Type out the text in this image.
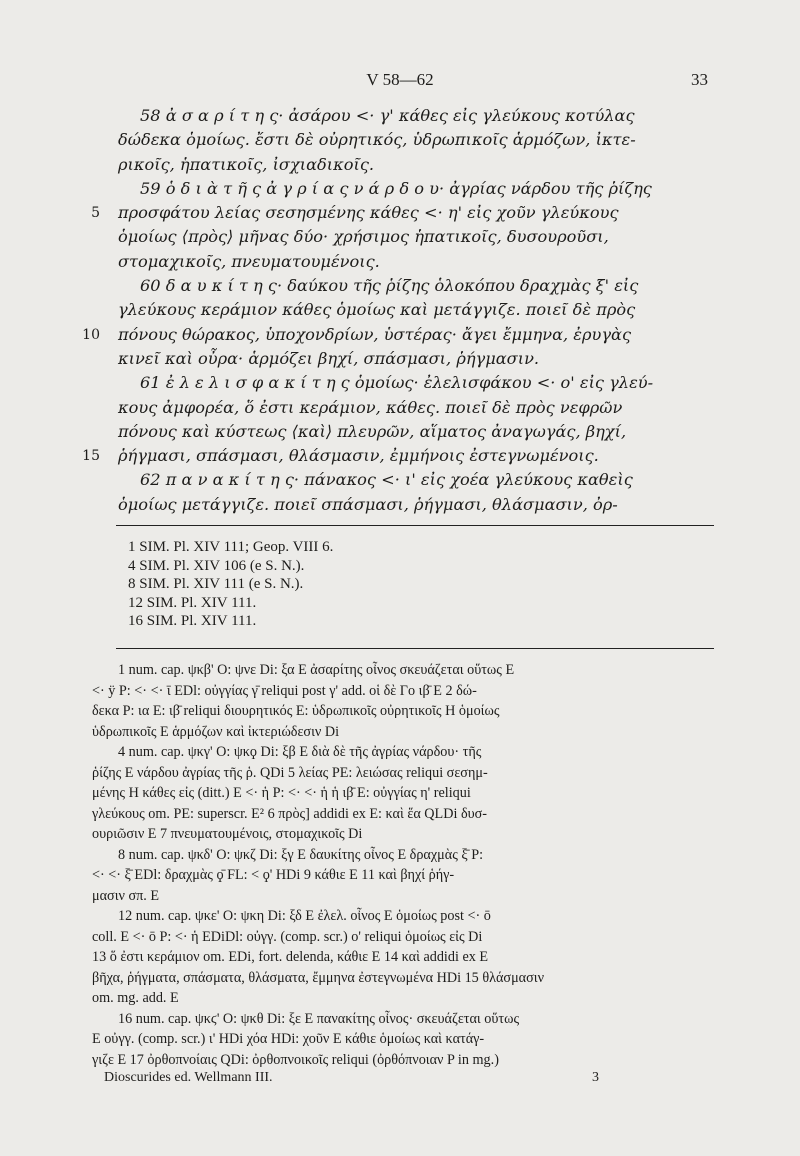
V 58—62	33
58 ἀ σ α ρ ί τ η ς· ἀσάρου <· γ' κάθες εἰς γλεύκους κοτύλας
δώδεκα ὁμοίως. ἔστι δὲ οὐρητικός, ὑδρωπικοῖς ἁρμόζων, ἰκτε-
ρικοῖς, ἡπατικοῖς, ἰσχιαδικοῖς.
59 ὁ δ ι ὰ τ ῆ ς ἀ γ ρ ί α ς ν ά ρ δ ο υ· ἀγρίας νάρδου τῆς ῥίζης
5 προσφάτου λείας σεσησμένης κάθες <· η' εἰς χοῦν γλεύκους
ὁμοίως ⟨πρὸς⟩ μῆνας δύο· χρήσιμος ἡπατικοῖς, δυσουροῦσι,
στομαχικοῖς, πνευματουμένοις.
60 δ α υ κ ί τ η ς· δαύκου τῆς ῥίζης ὁλοκόπου δραχμὰς ξ' εἰς
γλεύκους κεράμιον κάθες ὁμοίως καὶ μετάγγιζε. ποιεῖ δὲ πρὸς
10 πόνους θώρακος, ὑποχονδρίων, ὑστέρας· ἄγει ἔμμηνα, ἐρυγὰς
κινεῖ καὶ οὖρα· ἁρμόζει βηχί, σπάσμασι, ῥήγμασιν.
61 ἐ λ ε λ ι σ φ α κ ί τ η ς ὁμοίως· ἐλελισφάκου <· ο' εἰς γλεύ-
κους ἀμφορέα, ὅ ἐστι κεράμιον, κάθες. ποιεῖ δὲ πρὸς νεφρῶν
πόνους καὶ κύστεως ⟨καὶ⟩ πλευρῶν, αἵματος ἀναγωγάς, βηχί,
15 ῥήγμασι, σπάσμασι, θλάσμασιν, ἐμμήνοις ἐστεγνωμένοις.
62 π α ν α κ ί τ η ς· πάνακος <· ι' εἰς χοέα γλεύκους καθεὶς
ὁμοίως μετάγγιζε. ποιεῖ σπάσμασι, ῥήγμασι, θλάσμασιν, ὀρ-
1 SIM. Pl. XIV 111; Geop. VIII 6.
4 SIM. Pl. XIV 106 (e S. N.).
8 SIM. Pl. XIV 111 (e S. N.).
12 SIM. Pl. XIV 111.
16 SIM. Pl. XIV 111.
1 num. cap. ψκβ' O: ψνε Di: ξα E ἀσαρίτης οἶνος σκευάζεται οὕτως E
<· ÿ P: <· <· ῑ EDl: οὐγγίας γ̄ reliqui post γ' add. οἱ δὲ Γο ιβ̄ E 2 δώ-
δεκα P: ια E: ιβ̄ reliqui διουρητικός E: ὑδρωπικοῖς οὐρητικοῖς H ὁμοίως
ὑδρωπικοῖς E ἁρμόζων καὶ ἰκτεριώδεσιν Di
4 num. cap. ψκγ' O: ψκϙ Di: ξβ E διὰ δὲ τῆς ἀγρίας νάρδου· τῆς
ῥίζης E νάρδου ἀγρίας τῆς ῥ. QDi 5 λείας PE: λειώσας reliqui σεσημ-
μένης H κάθες εἰς (ditt.) E <· ἡ P: <· <· ἡ ἡ ιβ̄ E: οὐγγίας η' reliqui
γλεύκους om. PE: superscr. E² 6 πρὸς] addidi ex E: καὶ ἕα QLDi δυσ-
ουριῶσιν E 7 πνευματουμένοις, στομαχικοῖς Di
8 num. cap. ψκδ' O: ψκζ Di: ξγ E δαυκίτης οἶνος E δραχμὰς ξ̄ P:
<· <· ξ̄ EDl: δραχμὰς ϙ̄ FL: < ϙ' HDi 9 κάθιε E 11 καὶ βηχί ῥήγ-
μασιν σπ. E
12 num. cap. ψκε' O: ψκη Di: ξδ E ἐλελ. οἶνος E ὁμοίως post <· ō
coll. E <· ō P: <· ἡ EDiDl: οὐγγ. (comp. scr.) ο' reliqui ὁμοίως εἰς Di
13 ὅ ἐστι κεράμιον om. EDi, fort. delenda, κάθιε E 14 καὶ addidi ex E
βῆχα, ῥήγματα, σπάσματα, θλάσματα, ἔμμηνα ἐστεγνωμένα HDi 15 θλάσμασιν
om. mg. add. E
16 num. cap. ψκϛ' O: ψκθ Di: ξε E πανακίτης οἶνος· σκευάζεται οὕτως
E οὐγγ. (comp. scr.) ι' HDi χόα HDi: χοῦν E κάθιε ὁμοίως καὶ κατάγ-
γιζε E 17 ὀρθοπνοίαις QDi: ὀρθοπνοικοῖς reliqui (ὀρθόπνοιαν P in mg.)
Dioscurides ed. Wellmann III.	3
